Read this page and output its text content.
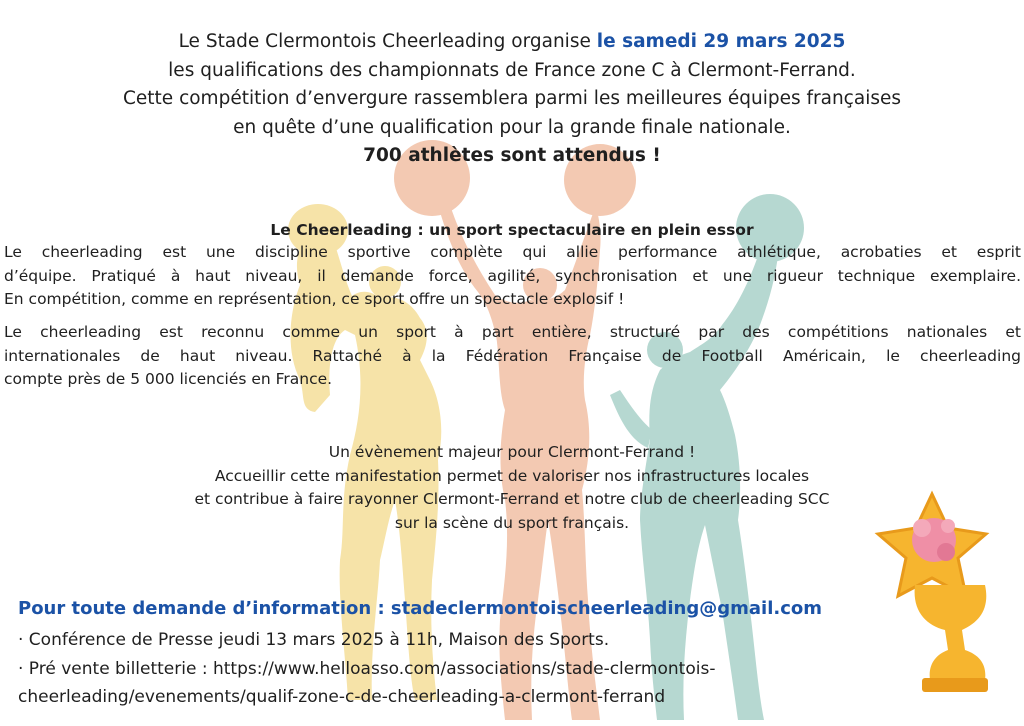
Le Stade Clermontois Cheerleading organise le samedi 29 mars 2025
les qualifications des championnats de France zone C à Clermont-Ferrand.
Cette compétition d’envergure rassemblera parmi les meilleures équipes françaises
en quête d’une qualification pour la grande finale nationale.
700 athlètes sont attendus !
Le Cheerleading : un sport spectaculaire en plein essor
Le cheerleading est une discipline sportive complète qui allie performance athlétique, acrobaties et esprit
d’équipe. Pratiqué à haut niveau, il demande force, agilité, synchronisation et une rigueur technique exemplaire.
En compétition, comme en représentation, ce sport offre un spectacle explosif !
Le cheerleading est reconnu comme un sport à part entière, structuré par des compétitions nationales et
internationales de haut niveau. Rattaché à la Fédération Française de Football Américain, le cheerleading
compte près de 5 000 licenciés en France.
Un évènement majeur pour Clermont-Ferrand !
Accueillir cette manifestation permet de valoriser nos infrastructures locales
et contribue à faire rayonner Clermont-Ferrand et notre club de cheerleading SCC
sur la scène du sport français.
Pour toute demande d’information : stadeclermontoischeerleading@gmail.com
· Conférence de Presse jeudi 13 mars 2025 à 11h, Maison des Sports.
· Pré vente billetterie : https://www.helloasso.com/associations/stade-clermontois-
cheerleading/evenements/qualif-zone-c-de-cheerleading-a-clermont-ferrand
